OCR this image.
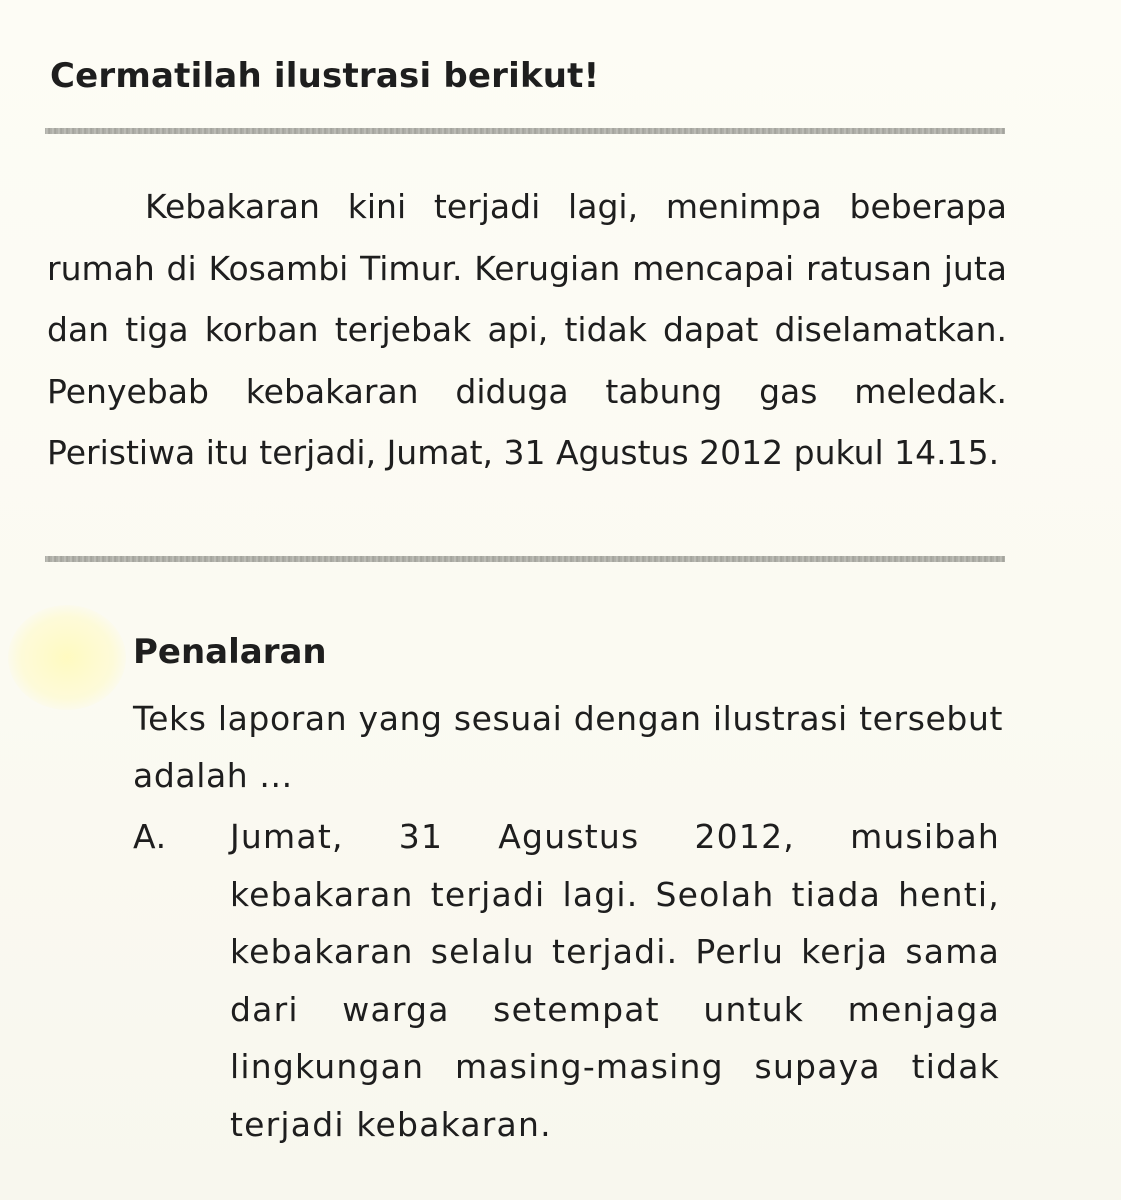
Cermatilah ilustrasi berikut!

Kebakaran kini terjadi lagi, menimpa beberapa rumah di Kosambi Timur. Kerugian mencapai ratusan juta dan tiga korban terjebak api, tidak dapat diselamatkan. Penyebab kebakaran diduga tabung gas meledak. Peristiwa itu terjadi, Jumat, 31 Agustus 2012 pukul 14.15.

Penalaran

Teks laporan yang sesuai dengan ilustrasi tersebut adalah ...

A. Jumat, 31 Agustus 2012, musibah kebakaran terjadi lagi. Seolah tiada henti, kebakaran selalu terjadi. Perlu kerja sama dari warga setempat untuk menjaga lingkungan masing-masing supaya tidak terjadi kebakaran.
